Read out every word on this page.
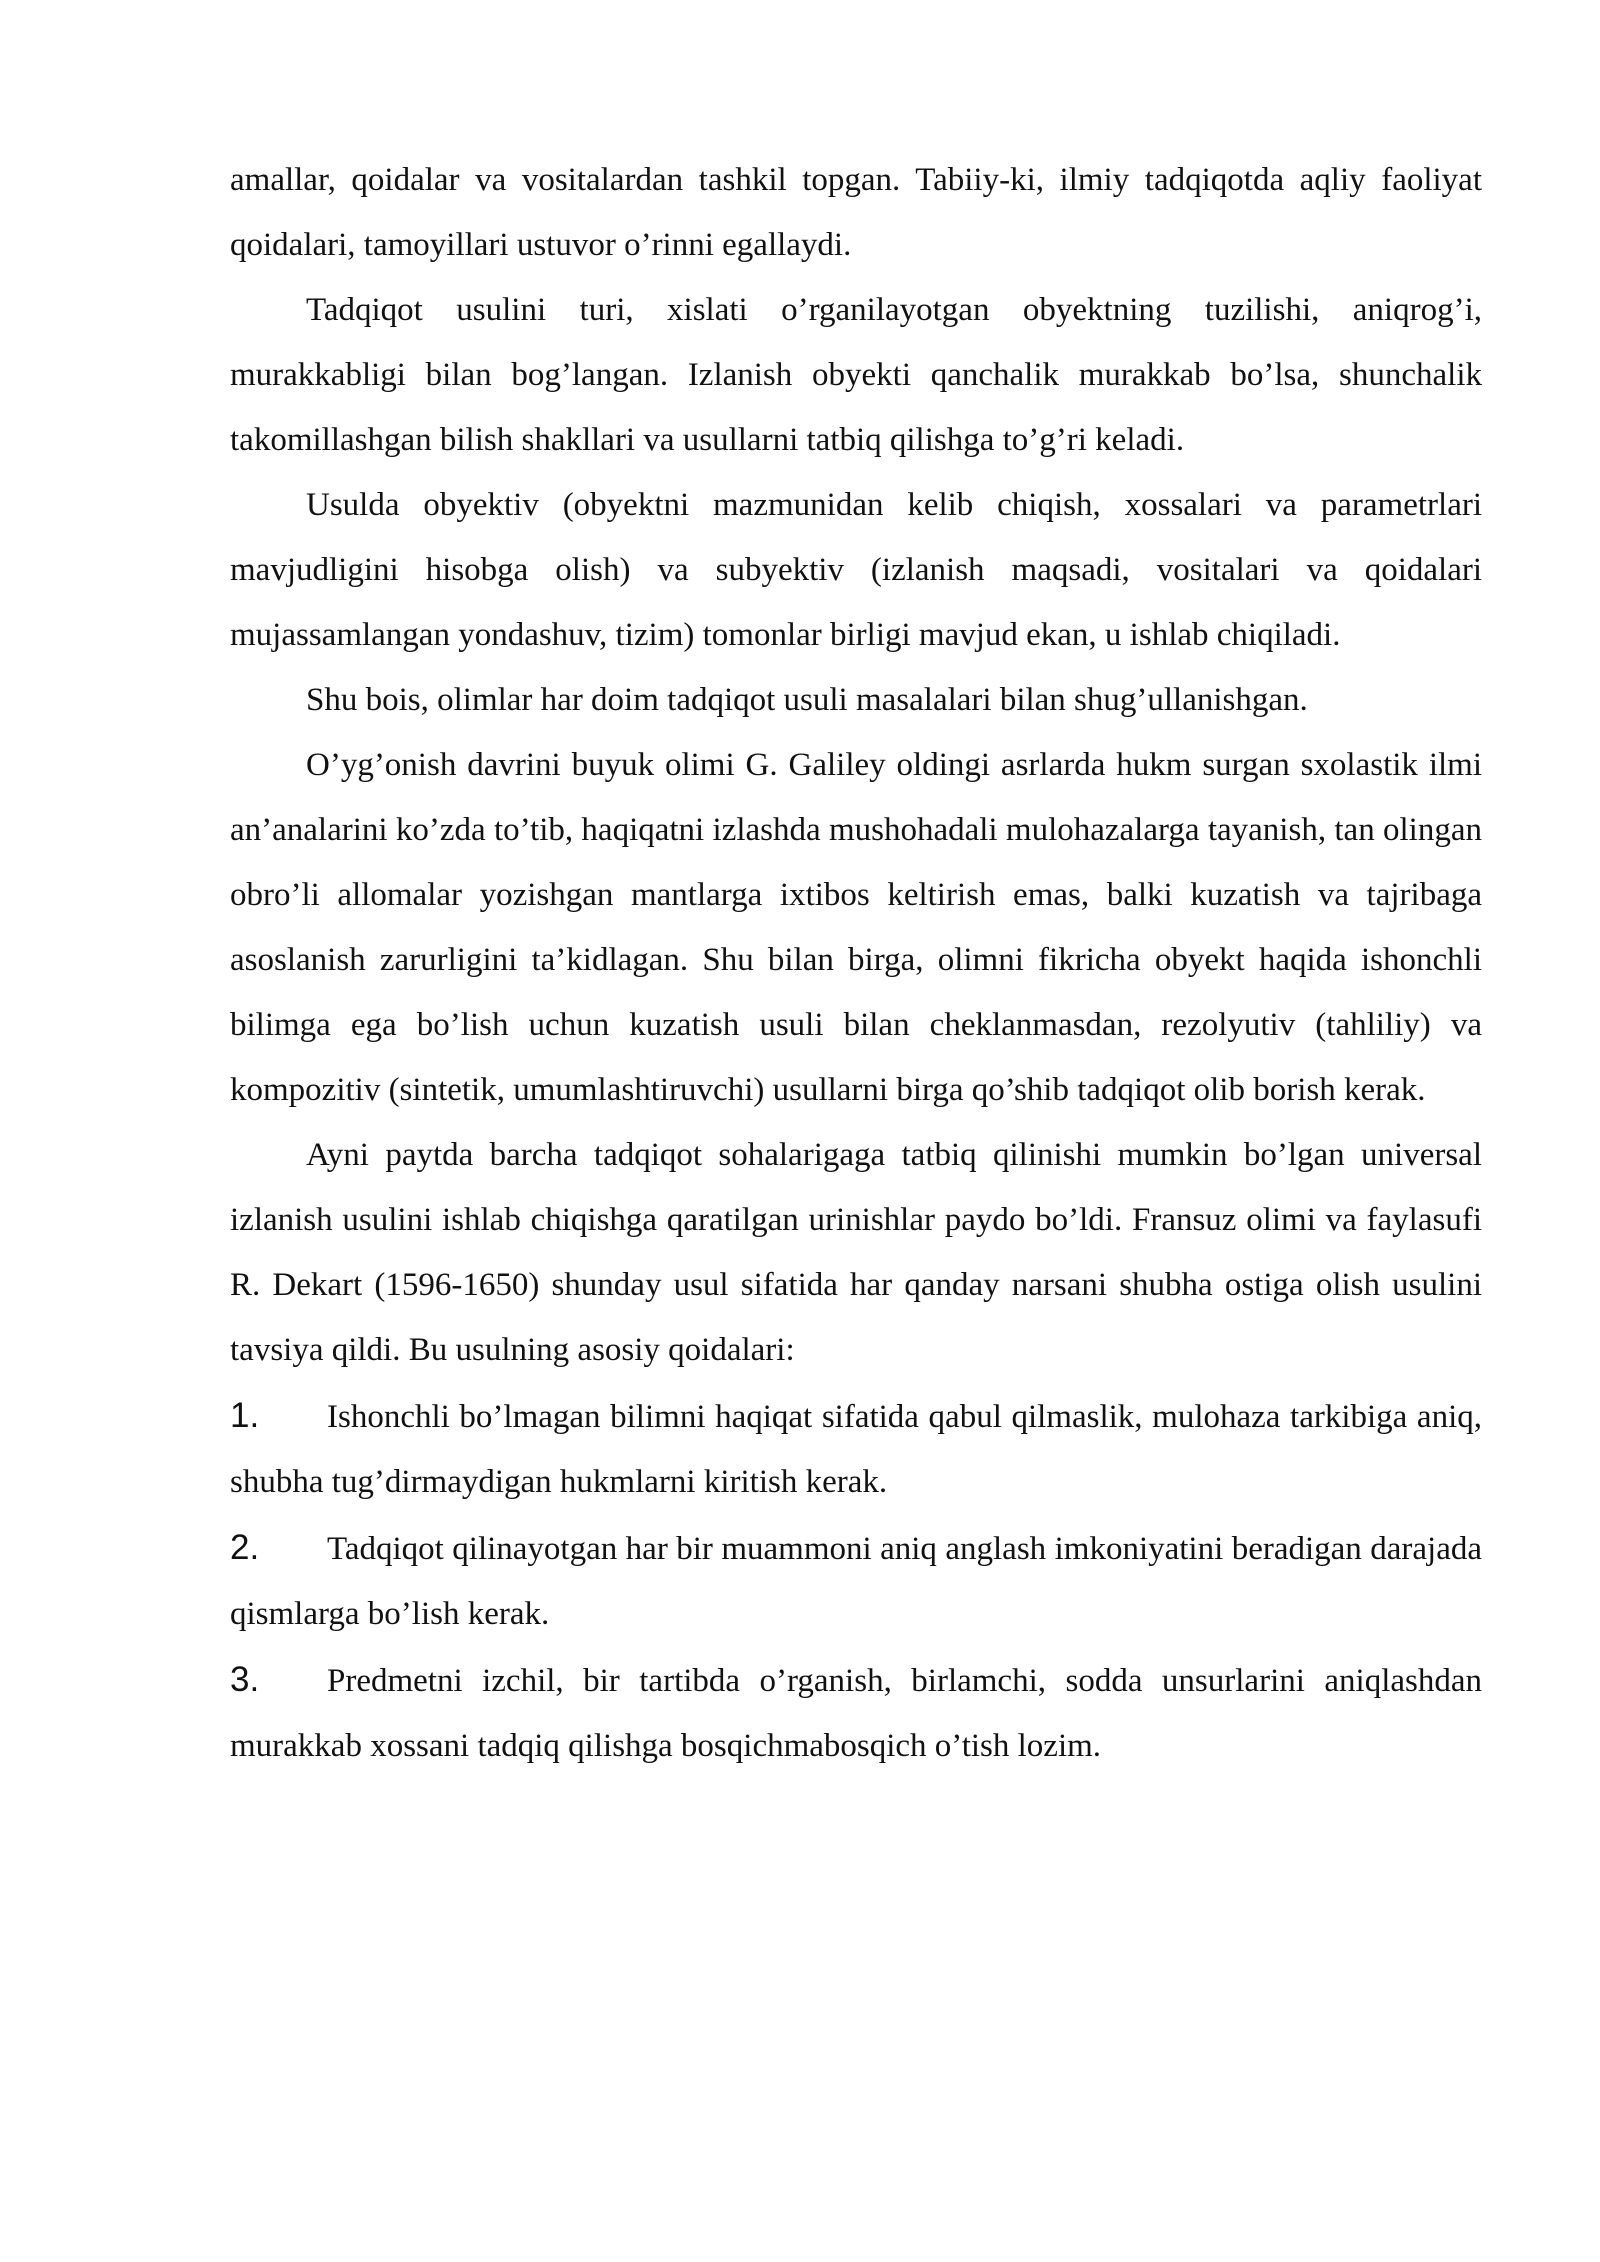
amallar, qoidalar va vositalardan tashkil topgan. Tabiiy-ki, ilmiy tadqiqotda aqliy faoliyat qoidalari, tamoyillari ustuvor o’rinni egallaydi.

Tadqiqot usulini turi, xislati o’rganilayotgan obyektning tuzilishi, aniqrog’i, murakkabligi bilan bog’langan. Izlanish obyekti qanchalik murakkab bo’lsa, shunchalik takomillashgan bilish shakllari va usullarni tatbiq qilishga to’g’ri keladi.

Usulda obyektiv (obyektni mazmunidan kelib chiqish, xossalari va parametrlari mavjudligini hisobga olish) va subyektiv (izlanish maqsadi, vositalari va qoidalari mujassamlangan yondashuv, tizim) tomonlar birligi mavjud ekan, u ishlab chiqiladi.

Shu bois, olimlar har doim tadqiqot usuli masalalari bilan shug’ullanishgan.

O’yg’onish davrini buyuk olimi G. Galiley oldingi asrlarda hukm surgan sxolastik ilmi an’analarini ko’zda to’tib, haqiqatni izlashda mushohadali mulohazalarga tayanish, tan olingan obro’li allomalar yozishgan mantlarga ixtibos keltirish emas, balki kuzatish va tajribaga asoslanish zarurligini ta’kidlagan. Shu bilan birga, olimni fikricha obyekt haqida ishonchli bilimga ega bo’lish uchun kuzatish usuli bilan cheklanmasdan, rezolyutiv (tahliliy) va kompozitiv (sintetik, umumlashtiruvchi) usullarni birga qo’shib tadqiqot olib borish kerak.

Ayni paytda barcha tadqiqot sohalarigaga tatbiq qilinishi mumkin bo’lgan universal izlanish usulini ishlab chiqishga qaratilgan urinishlar paydo bo’ldi. Fransuz olimi va faylasufi R. Dekart (1596-1650) shunday usul sifatida har qanday narsani shubha ostiga olish usulini tavsiya qildi. Bu usulning asosiy qoidalari:

1. Ishonchli bo’lmagan bilimni haqiqat sifatida qabul qilmaslik, mulohaza tarkibiga aniq, shubha tug’dirmaydigan hukmlarni kiritish kerak.
2. Tadqiqot qilinayotgan har bir muammoni aniq anglash imkoniyatini beradigan darajada qismlarga bo’lish kerak.
3. Predmetni izchil, bir tartibda o’rganish, birlamchi, sodda unsurlarini aniqlashdan murakkab xossani tadqiq qilishga bosqichmabosqich o’tish lozim.
